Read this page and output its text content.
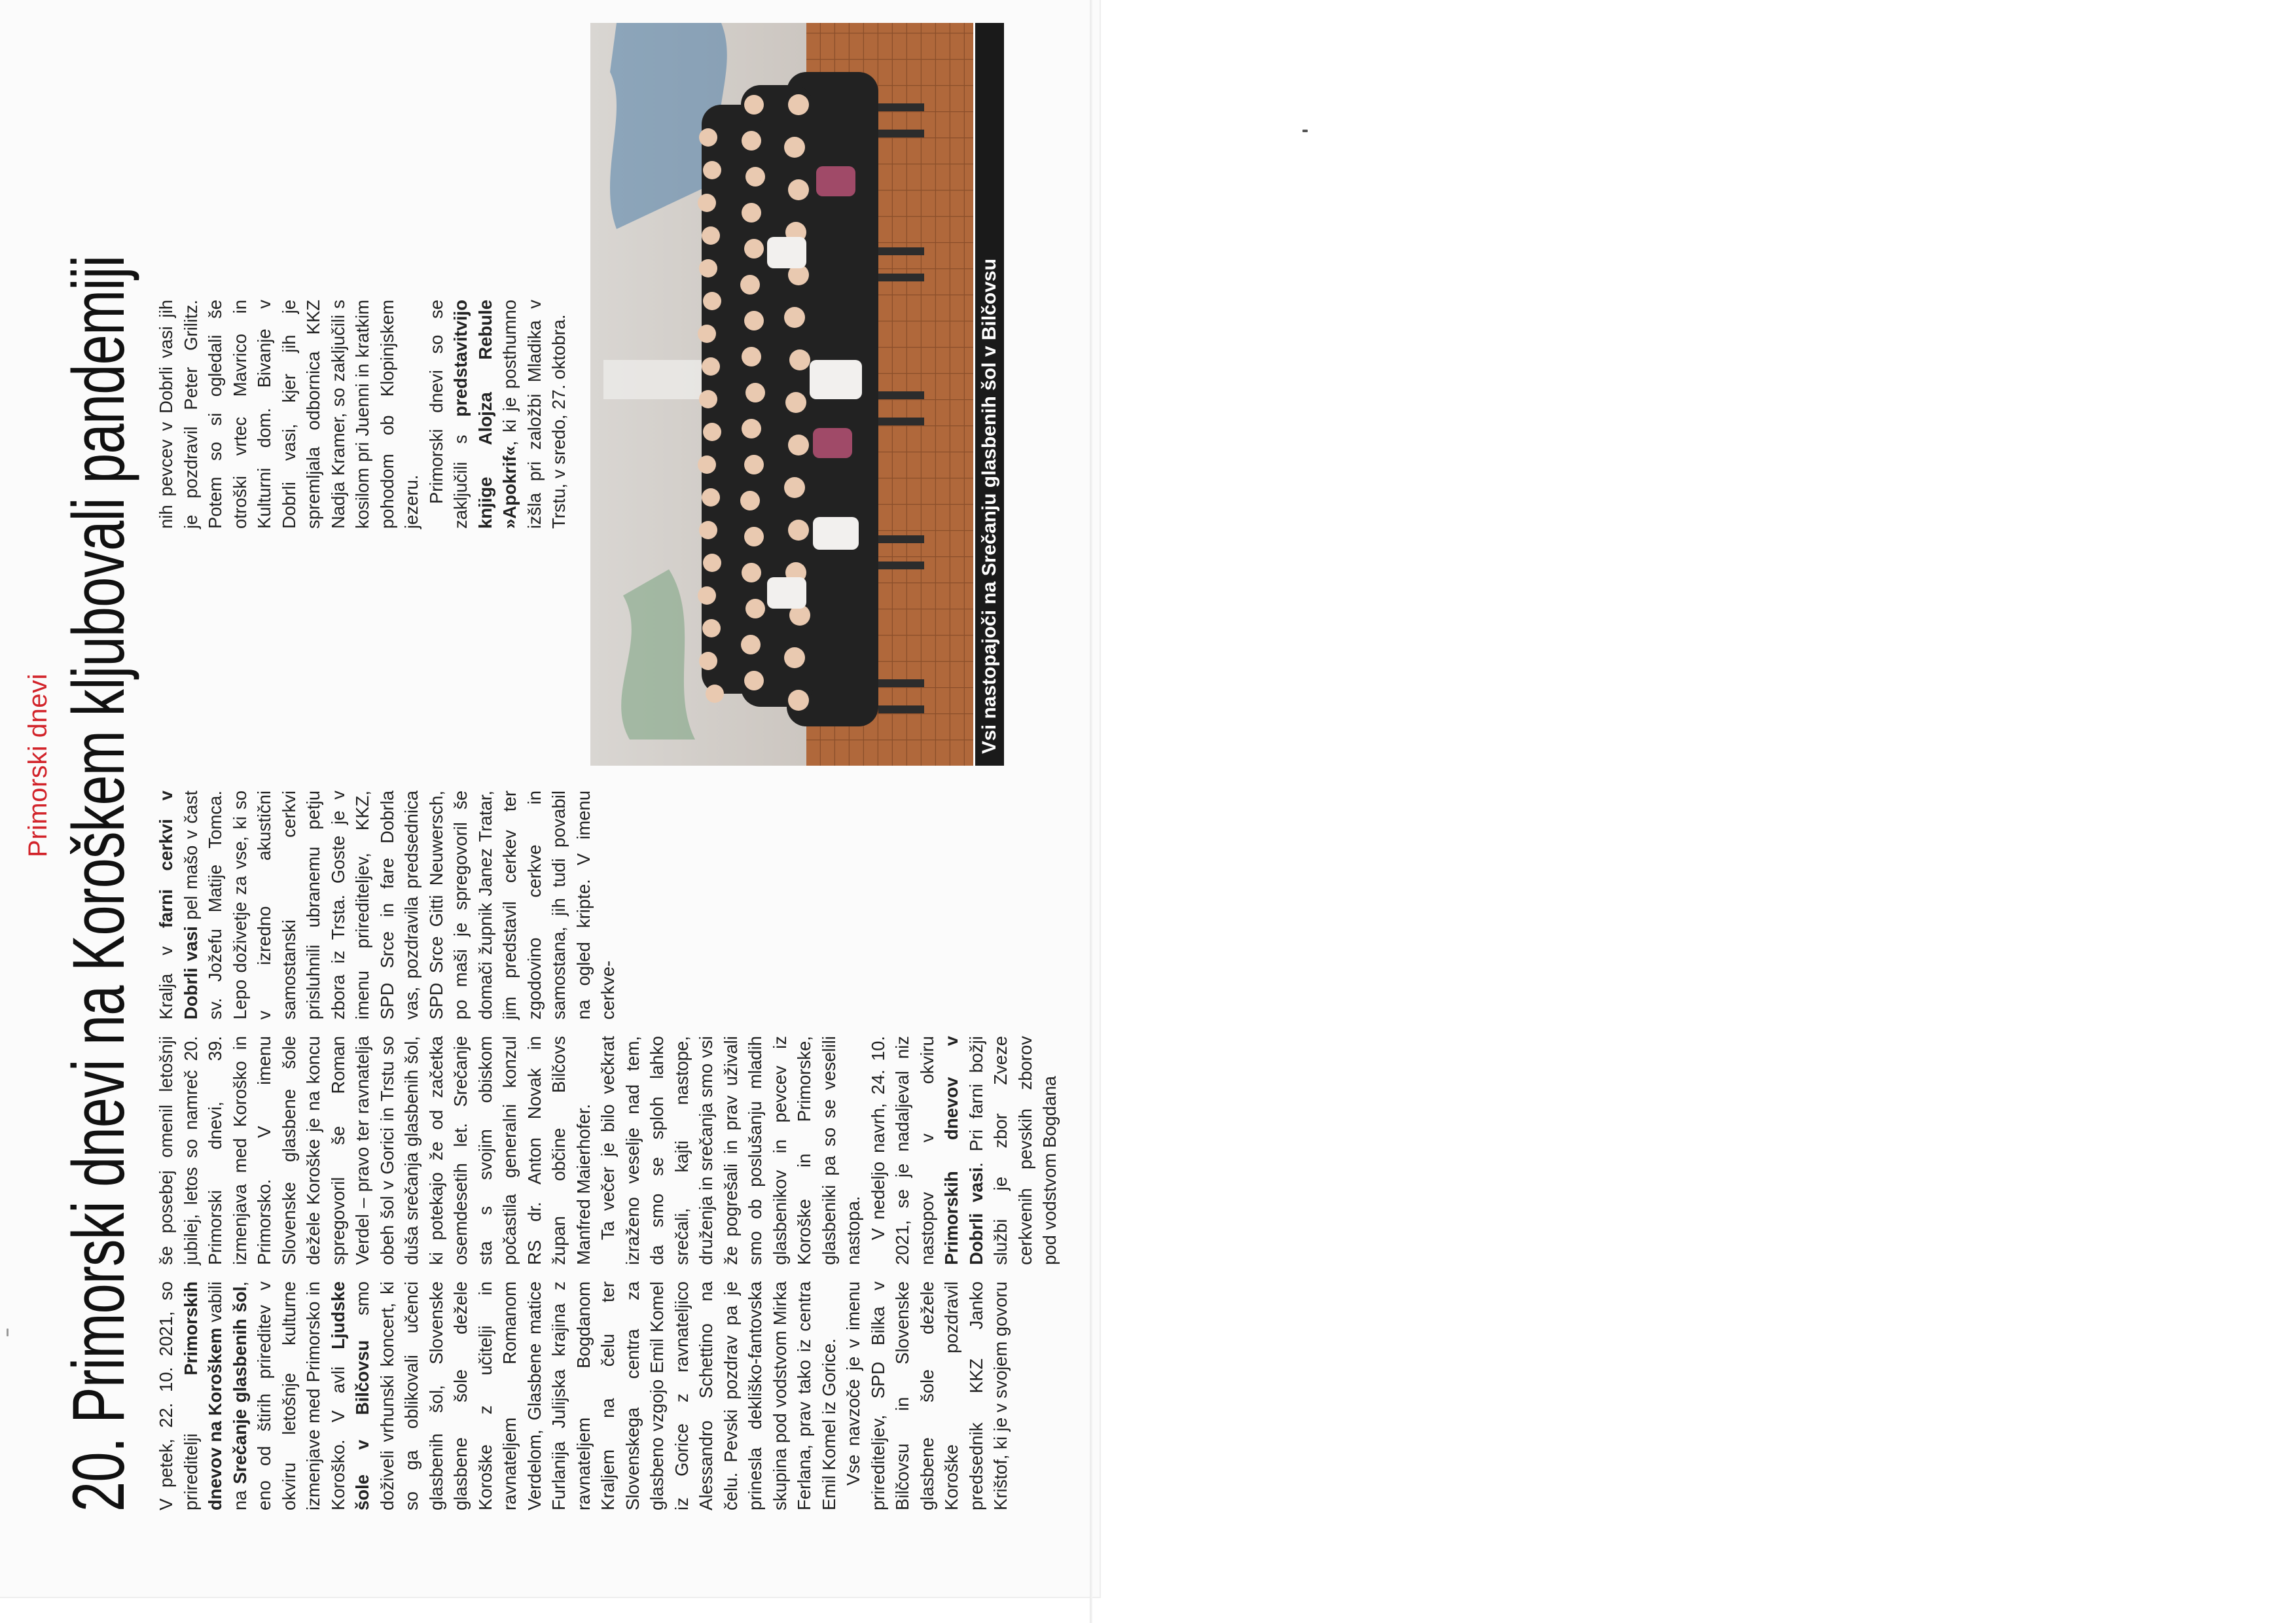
Primorski dnevi 20. Primorski dnevi na Koroškem kljubovali pandemiji V petek, 22. 10. 2021, so prireditelji Primorskih dnevov na Koroškem vabili na Srečanje glasbenih šol, eno od štirih prireditev v okviru letošnje kulturne izmenjave med Primorsko in Koroško. V avli Ljudske šole v Bilčovsu smo doživeli vrhunski koncert, ki so ga oblikovali učenci glasbenih šol, Slovenske glasbene šole dežele Koroške z učitelji in ravnateljem Romanom Verdelom, Glasbene matice Furlanija Julijska krajina z ravnateljem Bogdanom Kraljem na čelu ter Slovenskega centra za glasbeno vzgojo Emil Komel iz Gorice z ravnateljico Alessandro Schettino na čelu. Pevski pozdrav pa je prinesla dekliško-fantovska skupina pod vodstvom Mirka Ferlana, prav tako iz centra Emil Komel iz Gorice. Vse navzoče je v imenu prirediteljev, SPD Bilka v Bilčovsu in Slovenske glasbene šole dežele Koroške pozdravil predsednik KKZ Janko Krištof, ki je v svojem govoru

še posebej omenil letošnji jubilej, letos so namreč 20. Primorski dnevi, 39. izmenjava med Koroško in Primorsko. V imenu Slovenske glasbene šole dežele Koroške je na koncu spregovoril še Roman Verdel – pravo ter ravnatelja obeh šol v Gorici in Trstu so duša srečanja glasbenih šol, ki potekajo že od začetka osemdesetih let. Srečanje sta s svojim obiskom počastila generalni konzul RS dr. Anton Novak in župan občine Bilčovs Manfred Maierhofer. Ta večer je bilo večkrat izraženo veselje nad tem, da smo se sploh lahko srečali, kajti nastope, druženja in srečanja smo vsi že pogrešali in prav uživali smo ob poslušanju mladih glasbenikov in pevcev iz Koroške in Primorske, glasbeniki pa so se veselili nastopa. V nedeljo navrh, 24. 10. 2021, se je nadaljeval niz nastopov v okviru Primorskih dnevov v Dobrli vasi. Pri farni božji službi je zbor Zveze cerkvenih pevskih zborov pod vodstvom Bogdana

Kralja v farni cerkvi v Dobrli vasi pel mašo v čast sv. Jožefu Matije Tomca. Lepo doživetje za vse, ki so v izredno akustični samostanski cerkvi prisluhnili ubranemu petju zbora iz Trsta. Goste je v imenu prirediteljev, KKZ, SPD Srce in fare Dobrla vas, pozdravila predsednica SPD Srce Gitti Neuwersch, po maši je spregovoril še domači župnik Janez Tratar, jim predstavil cerkev ter zgodovino cerkve in samostana, jih tudi povabil na ogled kripte. V imenu cerkve-

nih pevcev v Dobrli vasi jih je pozdravil Peter Grilitz. Potem so si ogledali še otroški vrtec Mavrico in Kulturni dom. Bivanje v Dobrli vasi, kjer jih je spremljala odbornica KKZ Nadja Kramer, so zaključili s kosilom pri Juenni in kratkim pohodom ob Klopinjskem jezeru. Primorski dnevi so se zaključili s predstavitvijo knjige Alojza Rebule »Apokrif«, ki je posthumno izšla pri založbi Mladika v Trstu, v sredo, 27. oktobra.	Vsi nastopajoči na Srečanju glasbenih šol v Bilčovsu
